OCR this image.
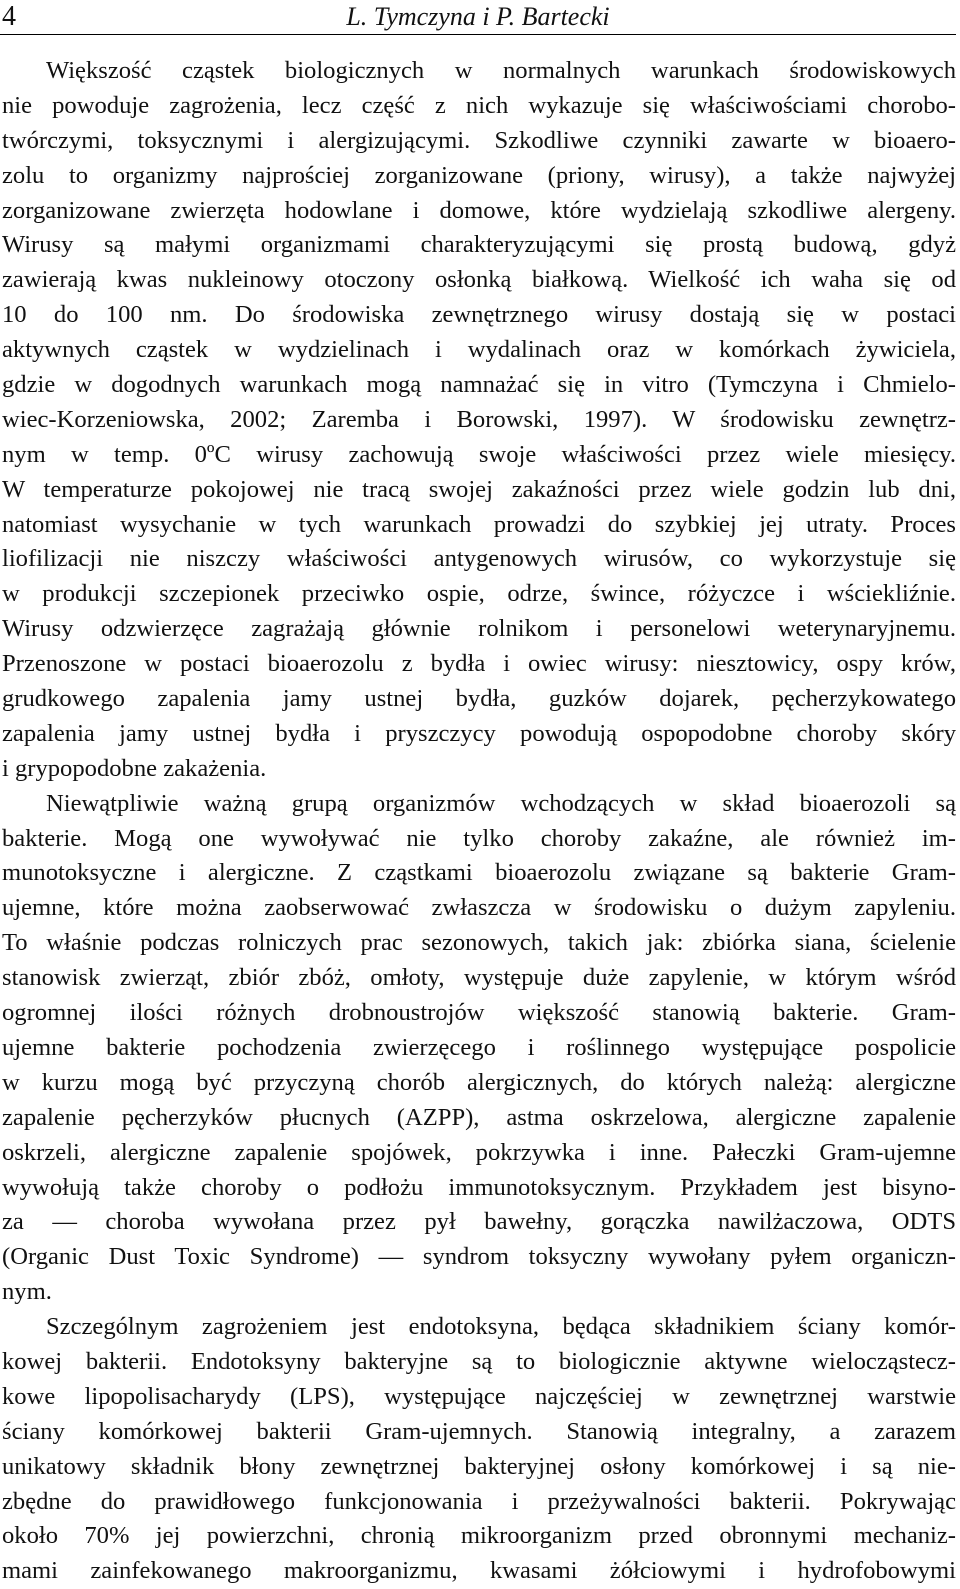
4	L. Tymczyna i P. Bartecki
Większość cząstek biologicznych w normalnych warunkach środowiskowych
nie powoduje zagrożenia, lecz część z nich wykazuje się właściwościami chorobo-
twórczymi, toksycznymi i alergizującymi. Szkodliwe czynniki zawarte w bioaero-
zolu to organizmy najprościej zorganizowane (priony, wirusy), a także najwyżej
zorganizowane zwierzęta hodowlane i domowe, które wydzielają szkodliwe alergeny.
Wirusy są małymi organizmami charakteryzującymi się prostą budową, gdyż
zawierają kwas nukleinowy otoczony osłonką białkową. Wielkość ich waha się od
10 do 100 nm. Do środowiska zewnętrznego wirusy dostają się w postaci
aktywnych cząstek w wydzielinach i wydalinach oraz w komórkach żywiciela,
gdzie w dogodnych warunkach mogą namnażać się in vitro (Tymczyna i Chmielo-
wiec-Korzeniowska, 2002; Zaremba i Borowski, 1997). W środowisku zewnętrz-
nym w temp. 0ºC wirusy zachowują swoje właściwości przez wiele miesięcy.
W temperaturze pokojowej nie tracą swojej zakaźności przez wiele godzin lub dni,
natomiast wysychanie w tych warunkach prowadzi do szybkiej jej utraty. Proces
liofilizacji nie niszczy właściwości antygenowych wirusów, co wykorzystuje się
w produkcji szczepionek przeciwko ospie, odrze, śwince, różyczce i wściekliźnie.
Wirusy odzwierzęce zagrażają głównie rolnikom i personelowi weterynaryjnemu.
Przenoszone w postaci bioaerozolu z bydła i owiec wirusy: niesztowicy, ospy krów,
grudkowego zapalenia jamy ustnej bydła, guzków dojarek, pęcherzykowatego
zapalenia jamy ustnej bydła i pryszczycy powodują ospopodobne choroby skóry
i grypopodobne zakażenia.
Niewątpliwie ważną grupą organizmów wchodzących w skład bioaerozoli są
bakterie. Mogą one wywoływać nie tylko choroby zakaźne, ale również im-
munotoksyczne i alergiczne. Z cząstkami bioaerozolu związane są bakterie Gram-
ujemne, które można zaobserwować zwłaszcza w środowisku o dużym zapyleniu.
To właśnie podczas rolniczych prac sezonowych, takich jak: zbiórka siana, ścielenie
stanowisk zwierząt, zbiór zbóż, omłoty, występuje duże zapylenie, w którym wśród
ogromnej ilości różnych drobnoustrojów większość stanowią bakterie. Gram-
ujemne bakterie pochodzenia zwierzęcego i roślinnego występujące pospolicie
w kurzu mogą być przyczyną chorób alergicznych, do których należą: alergiczne
zapalenie pęcherzyków płucnych (AZPP), astma oskrzelowa, alergiczne zapalenie
oskrzeli, alergiczne zapalenie spojówek, pokrzywka i inne. Pałeczki Gram-ujemne
wywołują także choroby o podłożu immunotoksycznym. Przykładem jest bisyno-
za — choroba wywołana przez pył bawełny, gorączka nawilżaczowa, ODTS
(Organic Dust Toxic Syndrome) — syndrom toksyczny wywołany pyłem organiczn-
nym.
Szczególnym zagrożeniem jest endotoksyna, będąca składnikiem ściany komór-
kowej bakterii. Endotoksyny bakteryjne są to biologicznie aktywne wielocząstecz-
kowe lipopolisacharydy (LPS), występujące najczęściej w zewnętrznej warstwie
ściany komórkowej bakterii Gram-ujemnych. Stanowią integralny, a zarazem
unikatowy składnik błony zewnętrznej bakteryjnej osłony komórkowej i są nie-
zbędne do prawidłowego funkcjonowania i przeżywalności bakterii. Pokrywając
około 70% jej powierzchni, chronią mikroorganizm przed obronnymi mechaniz-
mami zainfekowanego makroorganizmu, kwasami żółciowymi i hydrofobowymi
